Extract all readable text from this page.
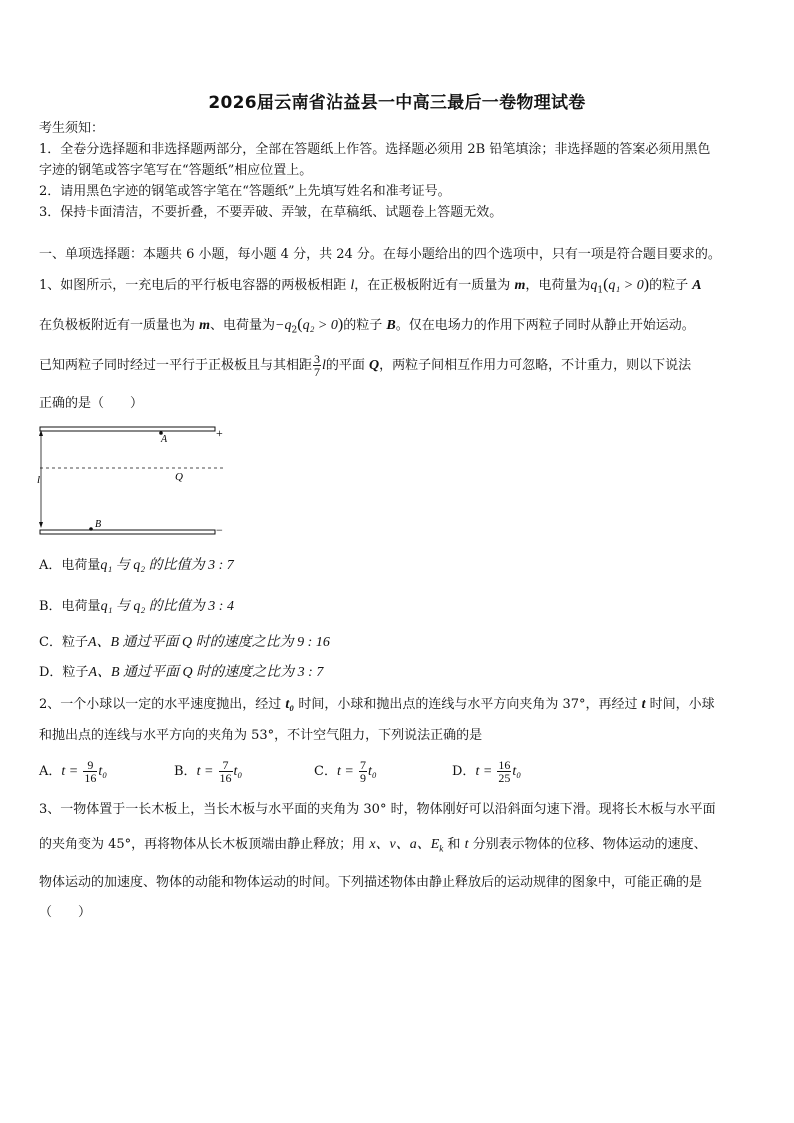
2026届云南省沾益县一中高三最后一卷物理试卷
考生须知：
1．全卷分选择题和非选择题两部分，全部在答题纸上作答。选择题必须用 2B 铅笔填涂；非选择题的答案必须用黑色
字迹的钢笔或答字笔写在“答题纸”相应位置上。
2．请用黑色字迹的钢笔或答字笔在“答题纸”上先填写姓名和准考证号。
3．保持卡面清洁，不要折叠，不要弄破、弄皱，在草稿纸、试题卷上答题无效。
一、单项选择题：本题共 6 小题，每小题 4 分，共 24 分。在每小题给出的四个选项中，只有一项是符合题目要求的。
1、如图所示，一充电后的平行板电容器的两极板相距 l，在正极板附近有一质量为 m，电荷量为$q_1(q_1 > 0)$的粒子 A
在负极板附近有一质量也为 m、电荷量为$-q_2(q_2 > 0)$的粒子 B。仅在电场力的作用下两粒子同时从静止开始运动。
已知两粒子同时经过一平行于正极板且与其相距 $\frac{3}{7}$ l的平面 Q，两粒子间相互作用力可忽略，不计重力，则以下说法
正确的是（　　）
+
A
Q
l
−
B
A．电荷量q₁ 与 q₂ 的比值为 3 : 7
B．电荷量q₁ 与 q₂ 的比值为 3 : 4
C．粒子A、B 通过平面 Q 时的速度之比为 9 : 16
D．粒子A、B 通过平面 Q 时的速度之比为 3 : 7
2、一个小球以一定的水平速度抛出，经过 t₀ 时间，小球和抛出点的连线与水平方向夹角为 37°，再经过 t 时间，小球
和抛出点的连线与水平方向的夹角为 53°，不计空气阻力，下列说法正确的是
A．$t = \frac{9}{16} t_0$	B．$t = \frac{7}{16} t_0$	C．$t = \frac{7}{9} t_0$	D．$t = \frac{16}{25} t_0$
3、一物体置于一长木板上，当长木板与水平面的夹角为 30° 时，物体刚好可以沿斜面匀速下滑。现将长木板与水平面
的夹角变为 45°，再将物体从长木板顶端由静止释放；用 x、v、a、$E_k$ 和 t 分别表示物体的位移、物体运动的速度、
物体运动的加速度、物体的动能和物体运动的时间。下列描述物体由静止释放后的运动规律的图象中，可能正确的是
（　　）
